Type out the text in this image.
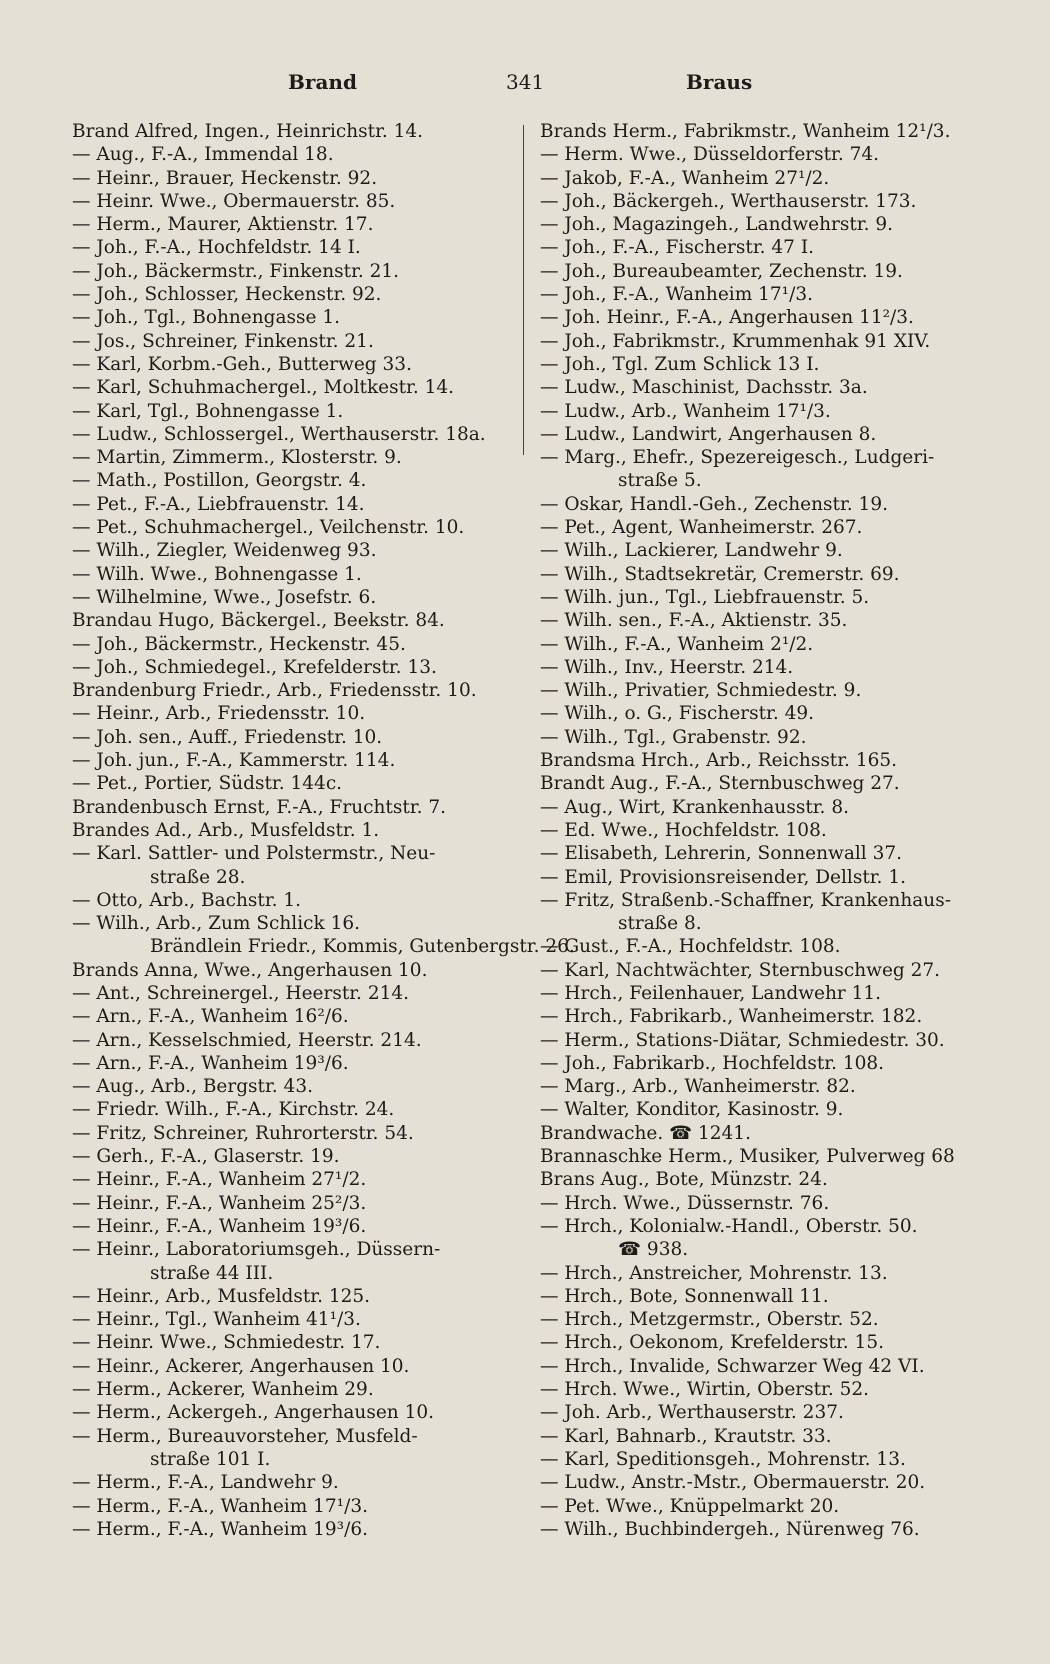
Brand	341	Braus
Brand Alfred, Ingen., Heinrichstr. 14.
— Aug., F.-A., Immendal 18.
— Heinr., Brauer, Heckenstr. 92.
— Heinr. Wwe., Obermauerstr. 85.
— Herm., Maurer, Aktienstr. 17.
— Joh., F.-A., Hochfeldstr. 14 I.
— Joh., Bäckermstr., Finkenstr. 21.
— Joh., Schlosser, Heckenstr. 92.
— Joh., Tgl., Bohnengasse 1.
— Jos., Schreiner, Finkenstr. 21.
— Karl, Korbm.-Geh., Butterweg 33.
— Karl, Schuhmachergel., Moltkestr. 14.
— Karl, Tgl., Bohnengasse 1.
— Ludw., Schlossergel., Werthauserstr. 18a.
— Martin, Zimmerm., Klosterstr. 9.
— Math., Postillon, Georgstr. 4.
— Pet., F.-A., Liebfrauenstr. 14.
— Pet., Schuhmachergel., Veilchenstr. 10.
— Wilh., Ziegler, Weidenweg 93.
— Wilh. Wwe., Bohnengasse 1.
— Wilhelmine, Wwe., Josefstr. 6.
Brandau Hugo, Bäckergel., Beekstr. 84.
— Joh., Bäckermstr., Heckenstr. 45.
— Joh., Schmiedegel., Krefelderstr. 13.
Brandenburg Friedr., Arb., Friedensstr. 10.
— Heinr., Arb., Friedensstr. 10.
— Joh. sen., Auff., Friedenstr. 10.
— Joh. jun., F.-A., Kammerstr. 114.
— Pet., Portier, Südstr. 144c.
Brandenbusch Ernst, F.-A., Fruchtstr. 7.
Brandes Ad., Arb., Musfeldstr. 1.
— Karl. Sattler- und Polstermstr., Neu-
straße 28.
— Otto, Arb., Bachstr. 1.
— Wilh., Arb., Zum Schlick 16.
Brändlein Friedr., Kommis, Gutenbergstr. 26.
Brands Anna, Wwe., Angerhausen 10.
— Ant., Schreinergel., Heerstr. 214.
— Arn., F.-A., Wanheim 16²/6.
— Arn., Kesselschmied, Heerstr. 214.
— Arn., F.-A., Wanheim 19³/6.
— Aug., Arb., Bergstr. 43.
— Friedr. Wilh., F.-A., Kirchstr. 24.
— Fritz, Schreiner, Ruhrorterstr. 54.
— Gerh., F.-A., Glaserstr. 19.
— Heinr., F.-A., Wanheim 27¹/2.
— Heinr., F.-A., Wanheim 25²/3.
— Heinr., F.-A., Wanheim 19³/6.
— Heinr., Laboratoriumsgeh., Düssern-
straße 44 III.
— Heinr., Arb., Musfeldstr. 125.
— Heinr., Tgl., Wanheim 41¹/3.
— Heinr. Wwe., Schmiedestr. 17.
— Heinr., Ackerer, Angerhausen 10.
— Herm., Ackerer, Wanheim 29.
— Herm., Ackergeh., Angerhausen 10.
— Herm., Bureauvorsteher, Musfeld-
straße 101 I.
— Herm., F.-A., Landwehr 9.
— Herm., F.-A., Wanheim 17¹/3.
— Herm., F.-A., Wanheim 19³/6.
Brands Herm., Fabrikmstr., Wanheim 12¹/3.
— Herm. Wwe., Düsseldorferstr. 74.
— Jakob, F.-A., Wanheim 27¹/2.
— Joh., Bäckergeh., Werthauserstr. 173.
— Joh., Magazingeh., Landwehrstr. 9.
— Joh., F.-A., Fischerstr. 47 I.
— Joh., Bureaubeamter, Zechenstr. 19.
— Joh., F.-A., Wanheim 17¹/3.
— Joh. Heinr., F.-A., Angerhausen 11²/3.
— Joh., Fabrikmstr., Krummenhak 91 XIV.
— Joh., Tgl. Zum Schlick 13 I.
— Ludw., Maschinist, Dachsstr. 3a.
— Ludw., Arb., Wanheim 17¹/3.
— Ludw., Landwirt, Angerhausen 8.
— Marg., Ehefr., Spezereigesch., Ludgeri-
straße 5.
— Oskar, Handl.-Geh., Zechenstr. 19.
— Pet., Agent, Wanheimerstr. 267.
— Wilh., Lackierer, Landwehr 9.
— Wilh., Stadtsekretär, Cremerstr. 69.
— Wilh. jun., Tgl., Liebfrauenstr. 5.
— Wilh. sen., F.-A., Aktienstr. 35.
— Wilh., F.-A., Wanheim 2¹/2.
— Wilh., Inv., Heerstr. 214.
— Wilh., Privatier, Schmiedestr. 9.
— Wilh., o. G., Fischerstr. 49.
— Wilh., Tgl., Grabenstr. 92.
Brandsma Hrch., Arb., Reichsstr. 165.
Brandt Aug., F.-A., Sternbuschweg 27.
— Aug., Wirt, Krankenhausstr. 8.
— Ed. Wwe., Hochfeldstr. 108.
— Elisabeth, Lehrerin, Sonnenwall 37.
— Emil, Provisionsreisender, Dellstr. 1.
— Fritz, Straßenb.-Schaffner, Krankenhaus-
straße 8.
— Gust., F.-A., Hochfeldstr. 108.
— Karl, Nachtwächter, Sternbuschweg 27.
— Hrch., Feilenhauer, Landwehr 11.
— Hrch., Fabrikarb., Wanheimerstr. 182.
— Herm., Stations-Diätar, Schmiedestr. 30.
— Joh., Fabrikarb., Hochfeldstr. 108.
— Marg., Arb., Wanheimerstr. 82.
— Walter, Konditor, Kasinostr. 9.
Brandwache. ☎ 1241.
Brannaschke Herm., Musiker, Pulverweg 68
Brans Aug., Bote, Münzstr. 24.
— Hrch. Wwe., Düssernstr. 76.
— Hrch., Kolonialw.-Handl., Oberstr. 50.
☎ 938.
— Hrch., Anstreicher, Mohrenstr. 13.
— Hrch., Bote, Sonnenwall 11.
— Hrch., Metzgermstr., Oberstr. 52.
— Hrch., Oekonom, Krefelderstr. 15.
— Hrch., Invalide, Schwarzer Weg 42 VI.
— Hrch. Wwe., Wirtin, Oberstr. 52.
— Joh. Arb., Werthauserstr. 237.
— Karl, Bahnarb., Krautstr. 33.
— Karl, Speditionsgeh., Mohrenstr. 13.
— Ludw., Anstr.-Mstr., Obermauerstr. 20.
— Pet. Wwe., Knüppelmarkt 20.
— Wilh., Buchbindergeh., Nürenweg 76.
